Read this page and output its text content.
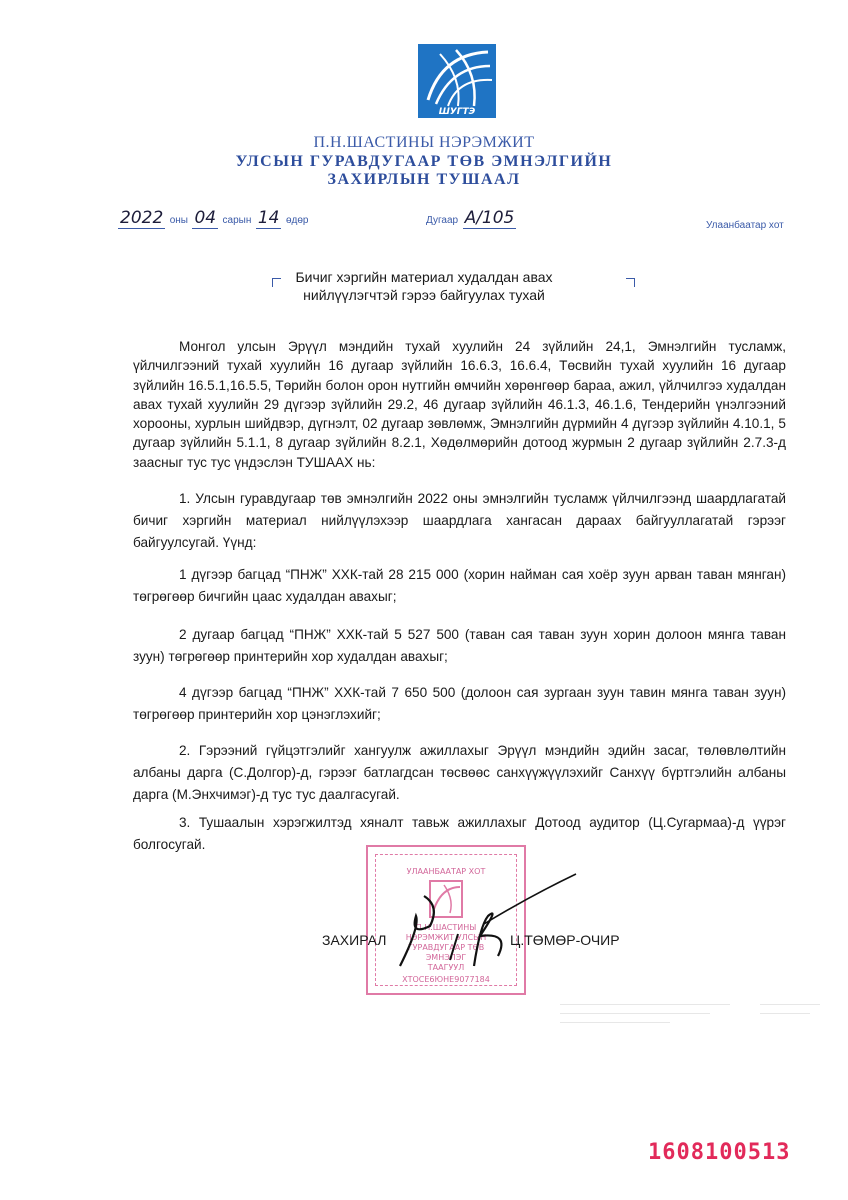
ШУГТЭ
П.Н.ШАСТИНЫ НЭРЭМЖИТ
УЛСЫН ГУРАВДУГААР ТӨВ ЭМНЭЛГИЙН
ЗАХИРЛЫН ТУШААЛ
2022 оны 04 сарын 14 өдөр	Дугаар А/105	Улаанбаатар хот
Бичиг хэргийн материал худалдан авах
нийлүүлэгчтэй гэрээ байгуулах тухай
Монгол улсын Эрүүл мэндийн тухай хуулийн 24 зүйлийн 24,1, Эмнэлгийн тусламж, үйлчилгээний тухай хуулийн 16 дугаар зүйлийн 16.6.3, 16.6.4, Төсвийн тухай хуулийн 16 дугаар зүйлийн 16.5.1,16.5.5, Төрийн болон орон нутгийн өмчийн хөрөнгөөр бараа, ажил, үйлчилгээ худалдан авах тухай хуулийн 29 дүгээр зүйлийн 29.2, 46 дугаар зүйлийн 46.1.3, 46.1.6, Тендерийн үнэлгээний хорооны, хурлын шийдвэр, дүгнэлт, 02 дугаар зөвлөмж, Эмнэлгийн дүрмийн 4 дүгээр зүйлийн 4.10.1, 5 дугаар зүйлийн 5.1.1, 8 дугаар зүйлийн 8.2.1, Хөдөлмөрийн дотоод журмын 2 дугаар зүйлийн 2.7.3-д заасныг тус тус үндэслэн ТУШААХ нь:
1. Улсын гуравдугаар төв эмнэлгийн 2022 оны эмнэлгийн тусламж үйлчилгээнд шаардлагатай бичиг хэргийн материал нийлүүлэхээр шаардлага хангасан дараах байгууллагатай гэрээг байгуулсугай. Үүнд:
1 дүгээр багцад “ПНЖ” ХХК-тай 28 215 000 (хорин найман сая хоёр зуун арван таван мянган) төгрөгөөр бичгийн цаас худалдан авахыг;
2 дугаар багцад “ПНЖ” ХХК-тай 5 527 500 (таван сая таван зуун хорин долоон мянга таван зуун) төгрөгөөр принтерийн хор худалдан авахыг;
4 дүгээр багцад “ПНЖ” ХХК-тай 7 650 500 (долоон сая зургаан зуун тавин мянга таван зуун) төгрөгөөр принтерийн хор цэнэглэхийг;
2. Гэрээний гүйцэтгэлийг хангуулж ажиллахыг Эрүүл мэндийн эдийн засаг, төлөвлөлтийн албаны дарга (С.Долгор)-д, гэрээг батлагдсан төсвөөс санхүүжүүлэхийг Санхүү бүртгэлийн албаны дарга (М.Энхчимэг)-д тус тус даалгасугай.
3. Тушаалын хэрэгжилтэд хяналт тавьж ажиллахыг Дотоод аудитор (Ц.Сугармаа)-д үүрэг болгосугай.
УЛААНБААТАР ХОТ
П.Н.ШАСТИНЫ
НЭРЭМЖИТ УЛСЫН
ГУРАВДУГААР ТӨВ
ЭМНЭЛЭГ
ТААГУУЛ
ХТОСЕ6ЮНЕ9077184
ЗАХИРАЛ	Ц.ТӨМӨР-ОЧИР
1608100513
